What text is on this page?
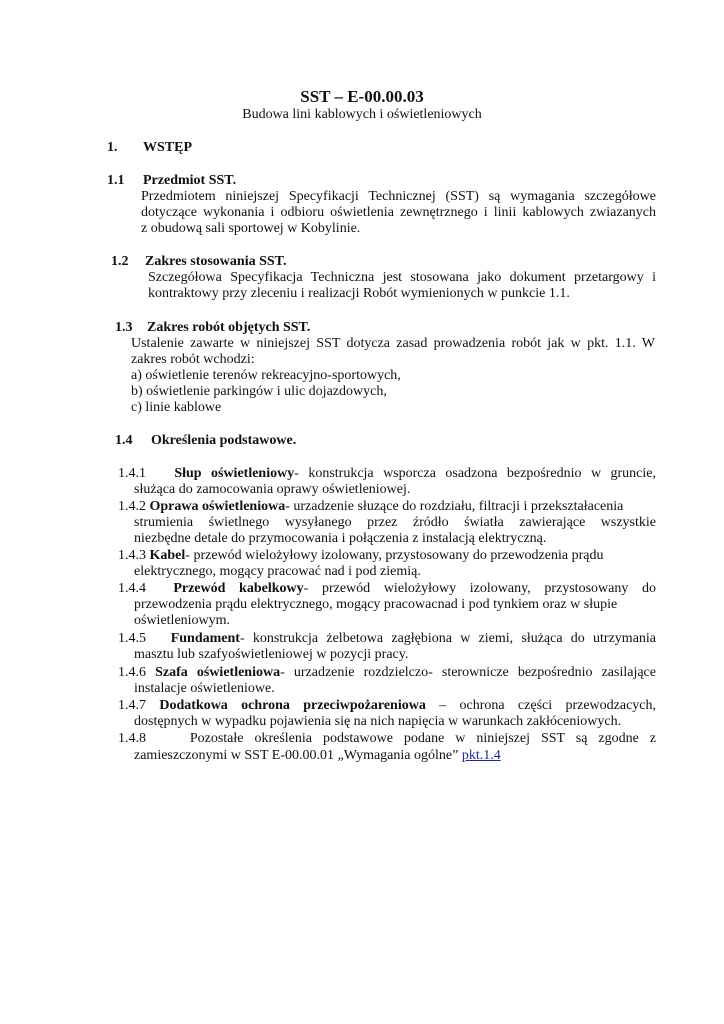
SST – E-00.00.03
Budowa lini kablowych i oświetleniowych
1. WSTĘP
1.1 Przedmiot SST.
Przedmiotem niniejszej Specyfikacji Technicznej (SST) są wymagania szczegółowe
dotyczące wykonania i odbioru oświetlenia zewnętrznego i linii kablowych zwiazanych
z obudową sali sportowej w Kobylinie.
1.2 Zakres stosowania SST.
Szczegółowa Specyfikacja Techniczna jest stosowana jako dokument przetargowy i
kontraktowy przy zleceniu i realizacji Robót wymienionych w punkcie 1.1.
1.3 Zakres robót objętych SST.
Ustalenie zawarte w niniejszej SST dotycza zasad prowadzenia robót jak w pkt. 1.1. W
zakres robót wchodzi:
a) oświetlenie terenów rekreacyjno-sportowych,
b) oświetlenie parkingów i ulic dojazdowych,
c) linie kablowe
1.4 Określenia podstawowe.
1.4.1 Słup oświetleniowy- konstrukcja wsporcza osadzona bezpośrednio w gruncie,
służąca do zamocowania oprawy oświetleniowej.
1.4.2 Oprawa oświetleniowa- urzadzenie słuzące do rozdziału, filtracji i przekształacenia
strumienia świetlnego wysyłanego przez źródło światła zawierające wszystkie
niezbędne detale do przymocowania i połączenia z instalacją elektryczną.
1.4.3 Kabel- przewód wielożyłowy izolowany, przystosowany do przewodzenia prądu
elektrycznego, mogący pracować nad i pod ziemią.
1.4.4 Przewód kabelkowy- przewód wielożyłowy izolowany, przystosowany do
przewodzenia prądu elektrycznego, mogący pracowacnad i pod tynkiem oraz w słupie
oświetleniowym.
1.4.5 Fundament- konstrukcja żelbetowa zagłębiona w ziemi, służąca do utrzymania
masztu lub szafyoświetleniowej w pozycji pracy.
1.4.6 Szafa oświetleniowa- urzadzenie rozdzielczo- sterownicze bezpośrednio zasilające
instalacje oświetleniowe.
1.4.7 Dodatkowa ochrona przeciwpożareniowa – ochrona części przewodzacych,
dostępnych w wypadku pojawienia się na nich napięcia w warunkach zakłóceniowych.
1.4.8	Pozostałe określenia podstawowe podane w niniejszej SST są zgodne z
zamieszczonymi w SST E-00.00.01 „Wymagania ogólne” pkt.1.4
